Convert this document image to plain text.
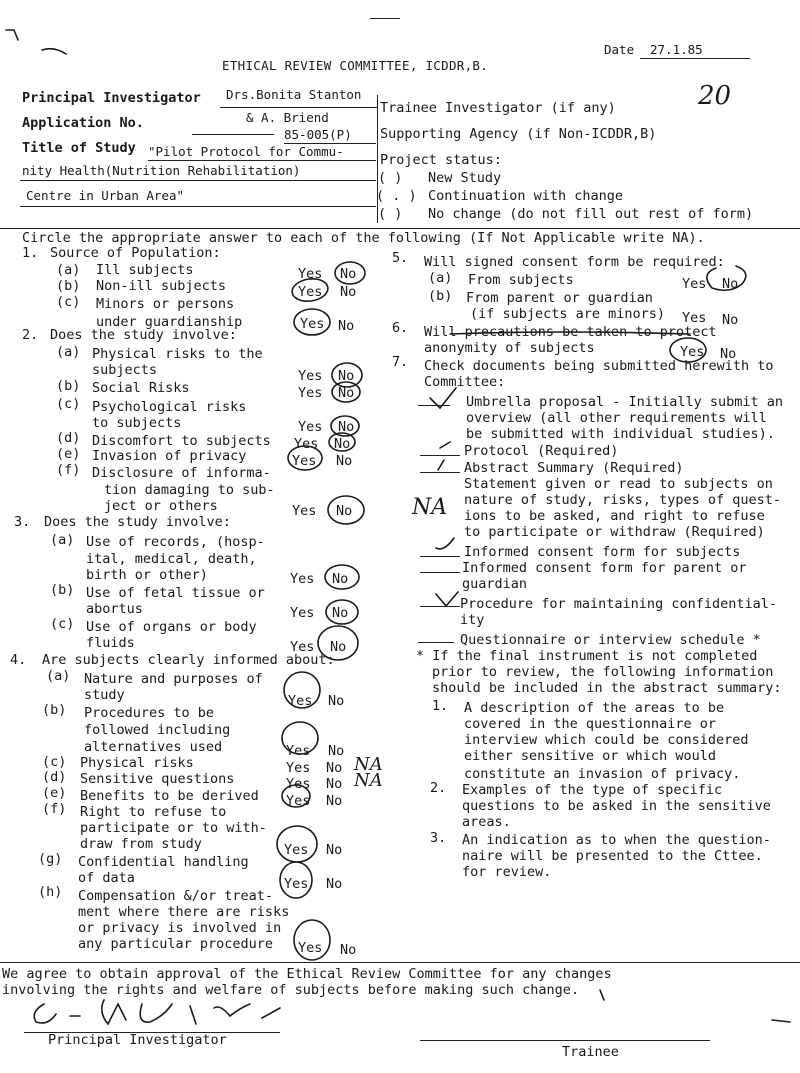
Date 27.1.85
ETHICAL REVIEW COMMITTEE, ICDDR,B.
20
Principal Investigator Drs.Bonita Stanton
& A. Briend
Application No.
85-005(P)
Title of Study "Pilot Protocol for Commu-
nity Health(Nutrition Rehabilitation)
Centre in Urban Area"
Trainee Investigator (if any)
Supporting Agency (if Non-ICDDR,B)
Project status:
( ) New Study
( . ) Continuation with change
( ) No change (do not fill out rest of form)
Circle the appropriate answer to each of the following (If Not Applicable write NA).
1. Source of Population:
(a) Ill subjects	Yes No
(b) Non-ill subjects	Yes No
(c) Minors or persons
under guardianship	Yes No
2. Does the study involve:
(a) Physical risks to the
subjects	Yes No
(b) Social Risks	Yes No
(c) Psychological risks
to subjects	Yes No
(d) Discomfort to subjects Yes No
(e) Invasion of privacy	Yes No
(f) Disclosure of informa-
tion damaging to sub-
ject or others	Yes No
3. Does the study involve:
(a) Use of records, (hosp-
ital, medical, death,
birth or other)	Yes No
(b) Use of fetal tissue or
abortus	Yes No
(c) Use of organs or body
fluids	Yes No
4. Are subjects clearly informed about:
(a) Nature and purposes of
study	Yes No
(b) Procedures to be
followed including
alternatives used	Yes No
(c) Physical risks	Yes No NA
(d) Sensitive questions	Yes No NA
(e) Benefits to be derived Yes No
(f) Right to refuse to
participate or to with-
draw from study	Yes No
(g) Confidential handling
of data	Yes No
(h) Compensation &/or treat-
ment where there are risks
or privacy is involved in
any particular procedure Yes No
5. Will signed consent form be required:
(a) From subjects	Yes No
(b) From parent or guardian
(if subjects are minors) Yes No
6. Will precautions be taken to protect
anonymity of subjects	Yes No
7. Check documents being submitted herewith to
Committee:
Umbrella proposal - Initially submit an
overview (all other requirements will
be submitted with individual studies).
Protocol (Required)
Abstract Summary (Required)
Statement given or read to subjects on
nature of study, risks, types of quest-
ions to be asked, and right to refuse
to participate or withdraw (Required)
NA
Informed consent form for subjects
Informed consent form for parent or
guardian
Procedure for maintaining confidential-
ity
Questionnaire or interview schedule *
* If the final instrument is not completed
prior to review, the following information
should be included in the abstract summary:
1. A description of the areas to be
covered in the questionnaire or
interview which could be considered
either sensitive or which would
constitute an invasion of privacy.
2. Examples of the type of specific
questions to be asked in the sensitive
areas.
3. An indication as to when the question-
naire will be presented to the Cttee.
for review.
We agree to obtain approval of the Ethical Review Committee for any changes
involving the rights and welfare of subjects before making such change.
Principal Investigator
Trainee
